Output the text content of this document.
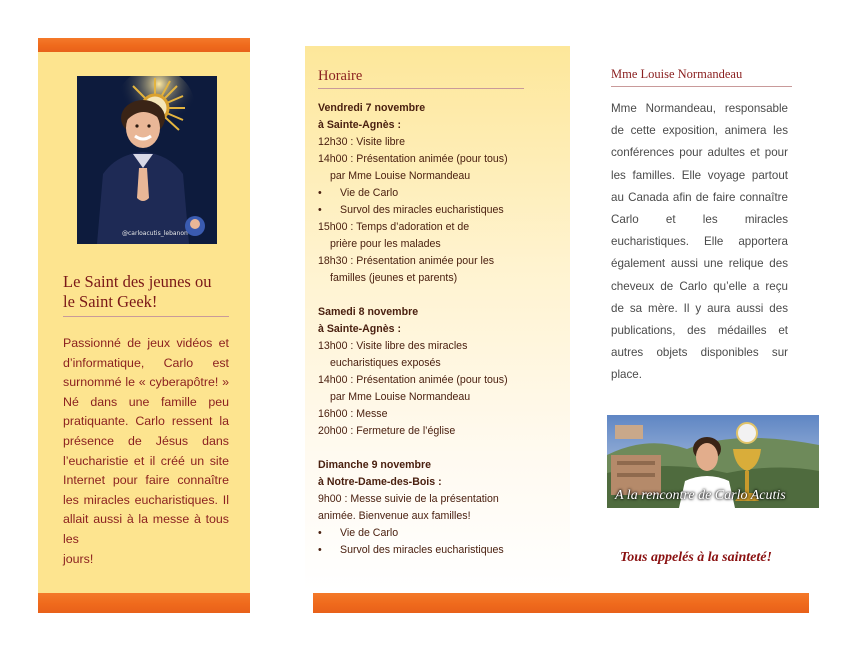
@carloacutis_lebanon
Le Saint des jeunes ou
le Saint Geek!
Passionné de jeux vidéos et
d’informatique, Carlo est
surnommé le « cyberapôtre! »
Né dans une famille peu
pratiquante. Carlo ressent la
présence de Jésus dans
l’eucharistie et il créé un site
Internet pour faire connaître
les miracles eucharistiques. Il
allait aussi à la messe à tous les
jours!
Horaire
Vendredi 7 novembre
à Sainte-Agnès :
12h30 : Visite libre
14h00 : Présentation animée (pour tous)
par Mme Louise Normandeau
• Vie de Carlo
• Survol des miracles eucharistiques
15h00 : Temps d’adoration et de
prière pour les malades
18h30 : Présentation animée pour les
familles (jeunes et parents)
Samedi 8 novembre
à Sainte-Agnès :
13h00 : Visite libre des miracles
eucharistiques exposés
14h00 : Présentation animée (pour tous)
par Mme Louise Normandeau
16h00 : Messe
20h00 : Fermeture de l’église
Dimanche 9 novembre
à Notre-Dame-des-Bois :
9h00 : Messe suivie de la présentation
animée. Bienvenue aux familles!
• Vie de Carlo
• Survol des miracles eucharistiques
Mme Louise Normandeau
Mme Normandeau, responsable
de cette exposition, animera les
conférences pour adultes et pour
les familles. Elle voyage partout
au Canada afin de faire connaître
Carlo et les miracles
eucharistiques. Elle apportera
également aussi une relique des
cheveux de Carlo qu’elle a reçu
de sa mère. Il y aura aussi des
publications, des médailles et
autres objets disponibles sur
place.
A la rencontre de Carlo Acutis
Tous appelés à la sainteté!
